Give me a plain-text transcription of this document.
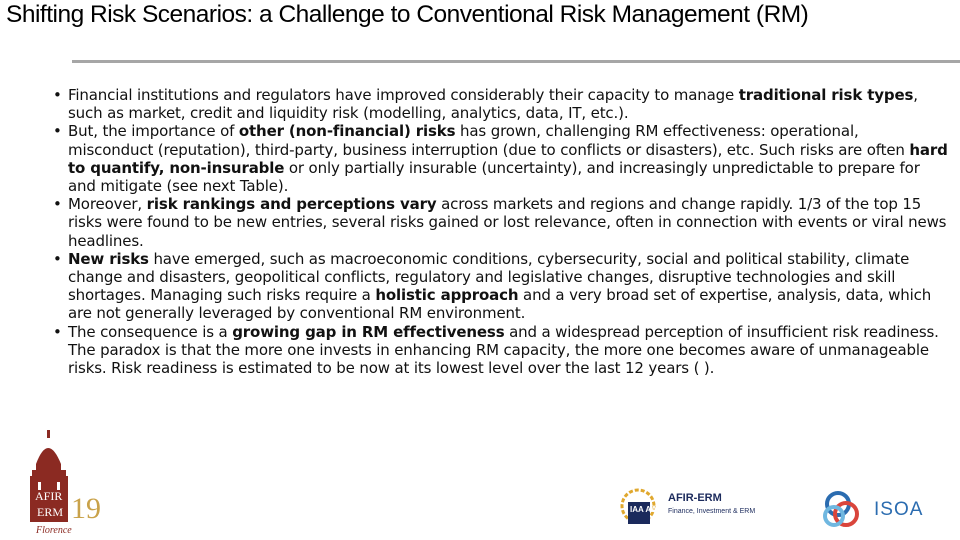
Shifting Risk Scenarios: a Challenge to Conventional Risk Management (RM)
• Financial institutions and regulators have improved considerably their capacity to manage traditional risk types, such as market, credit and liquidity risk (modelling, analytics, data, IT, etc.).
• But, the importance of other (non-financial) risks has grown, challenging RM effectiveness: operational, misconduct (reputation), third-party, business interruption (due to conflicts or disasters), etc. Such risks are often hard to quantify, non-insurable or only partially insurable (uncertainty), and increasingly unpredictable to prepare for and mitigate (see next Table).
• Moreover, risk rankings and perceptions vary across markets and regions and change rapidly. 1/3 of the top 15 risks were found to be new entries, several risks gained or lost relevance, often in connection with events or viral news headlines.
• New risks have emerged, such as macroeconomic conditions, cybersecurity, social and political stability, climate change and disasters, geopolitical conflicts, regulatory and legislative changes, disruptive technologies and skill shortages. Managing such risks require a holistic approach and a very broad set of expertise, analysis, data, which are not generally leveraged by conventional RM environment.
• The consequence is a growing gap in RM effectiveness and a widespread perception of insufficient risk readiness. The paradox is that the more one invests in enhancing RM capacity, the more one becomes aware of unmanageable risks. Risk readiness is estimated to be now at its lowest level over the last 12 years ( ).
AFIR
ERM 19
Florence
IAA AAI
AFIR-ERM
Finance, Investment & ERM	ISOA
